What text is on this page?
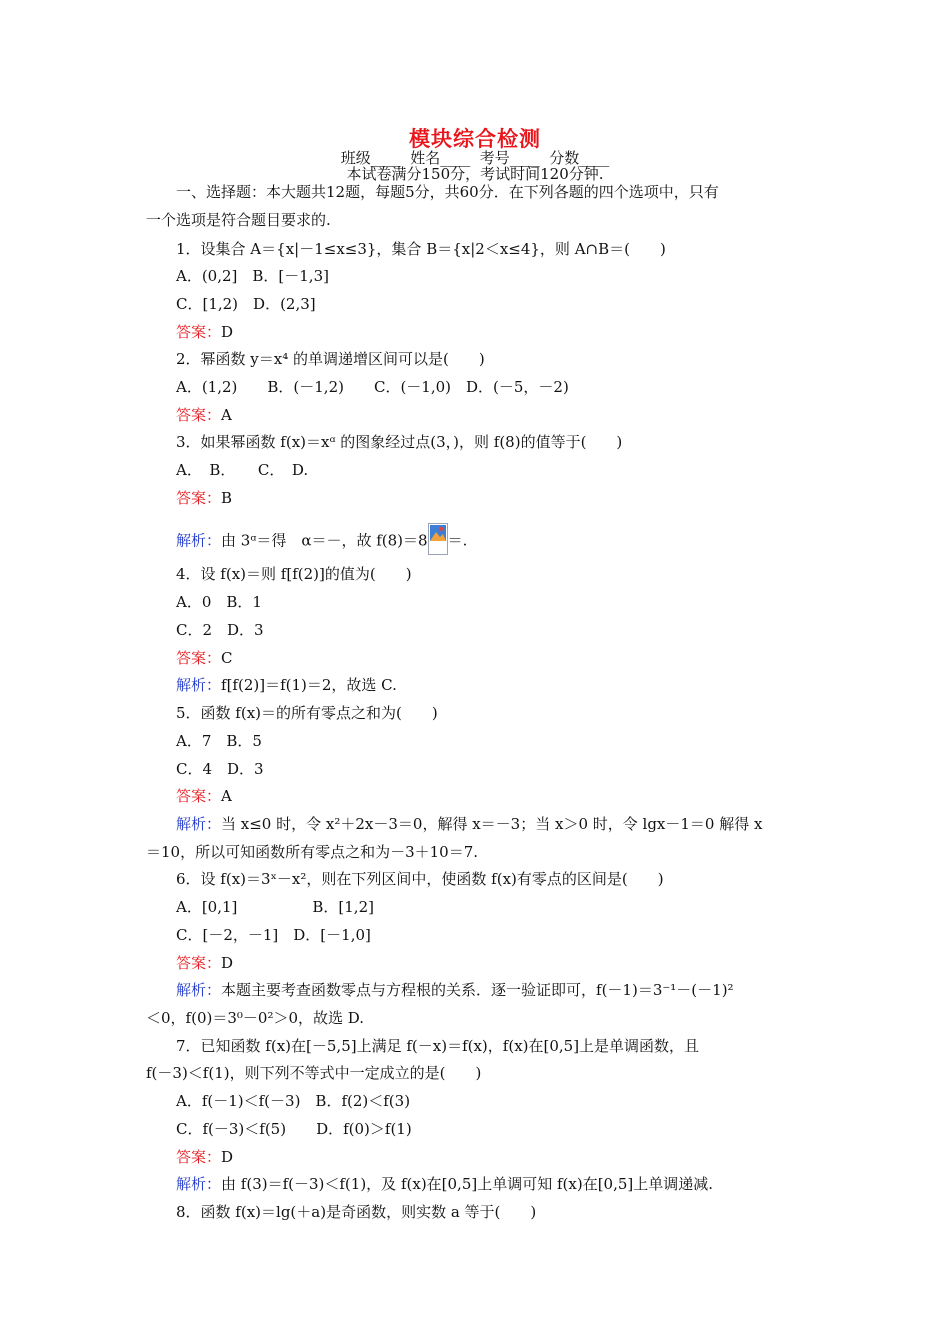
模块综合检测
班级____  姓名____  考号____  分数____
本试卷满分150分，考试时间120分钟.
一、选择题：本大题共12题，每题5分，共60分．在下列各题的四个选项中，只有
一个选项是符合题目要求的.
1．设集合 A＝{x|－1≤x≤3}，集合 B＝{x|2＜x≤4}，则 A∩B＝(　　)
A．(0,2]　B．[－1,3]
C．[1,2)　D．(2,3]
答案：D
2．幂函数 y＝x⁴ 的单调递增区间可以是(　　)
A．(1,2)　　B．(－1,2)　　C．(－1,0)　D．(－5，－2)
答案：A
3．如果幂函数 f(x)＝xᵅ 的图象经过点(3，)，则 f(8)的值等于(　　)
A．　B．　　C．　D.
答案：B
解析：由 3ᵅ＝得　α＝－，故 f(8)＝8 ＝.
4．设 f(x)＝则 f[f(2)]的值为(　　)
A．0　B．1
C．2　D．3
答案：C
解析：f[f(2)]＝f(1)＝2，故选 C.
5．函数 f(x)＝的所有零点之和为(　　)
A．7　B．5
C．4　D．3
答案：A
解析：当 x≤0 时，令 x²＋2x－3＝0，解得 x＝－3；当 x＞0 时，令 lgx－1＝0 解得 x
＝10，所以可知函数所有零点之和为－3＋10＝7.
6．设 f(x)＝3ˣ－x²，则在下列区间中，使函数 f(x)有零点的区间是(　　)
A．[0,1]　　　　　B．[1,2]
C．[－2，－1]　D．[－1,0]
答案：D
解析：本题主要考查函数零点与方程根的关系．逐一验证即可，f(－1)＝3⁻¹－(－1)²
＜0，f(0)＝3⁰－0²＞0，故选 D.
7．已知函数 f(x)在[－5,5]上满足 f(－x)＝f(x)，f(x)在[0,5]上是单调函数，且
f(－3)＜f(1)，则下列不等式中一定成立的是(　　)
A．f(－1)＜f(－3)　B．f(2)＜f(3)
C．f(－3)＜f(5)　　D．f(0)＞f(1)
答案：D
解析：由 f(3)＝f(－3)＜f(1)，及 f(x)在[0,5]上单调可知 f(x)在[0,5]上单调递减.
8．函数 f(x)＝lg(＋a)是奇函数，则实数 a 等于(　　)
